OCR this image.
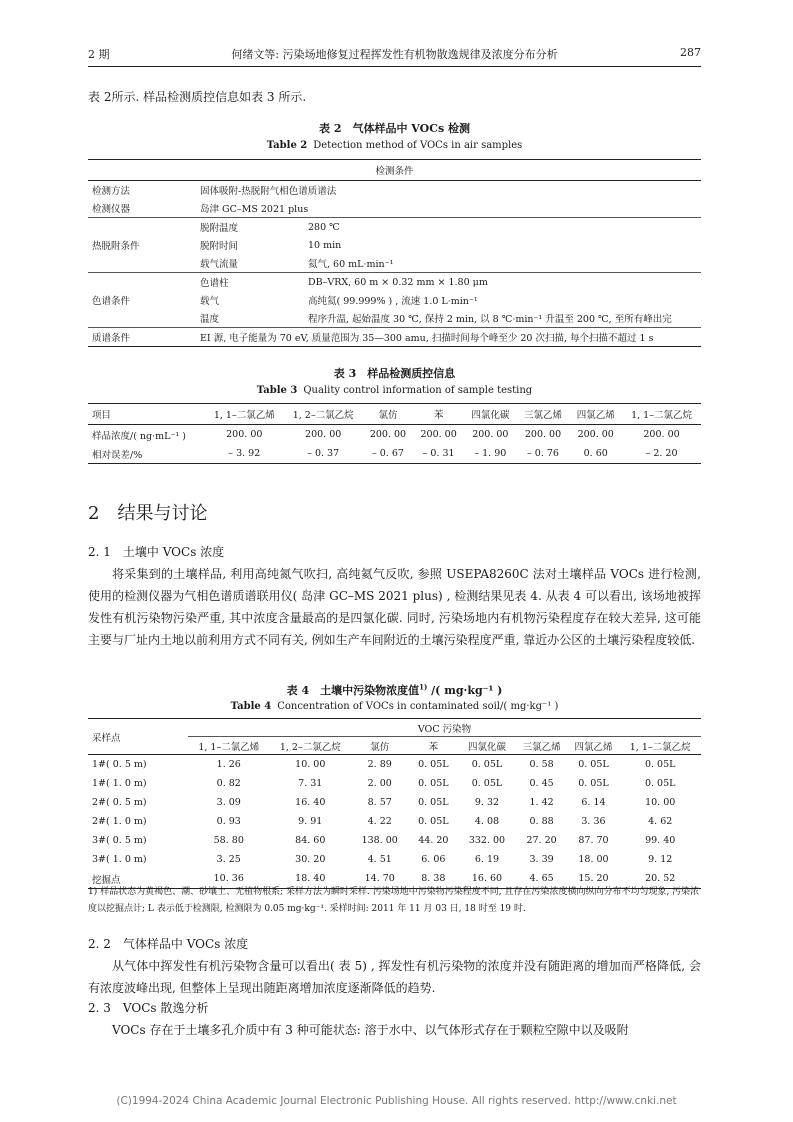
2 期	何绪文等: 污染场地修复过程挥发性有机物散逸规律及浓度分布分析	287
表 2所示. 样品检测质控信息如表 3 所示.
表 2　气体样品中 VOCs 检测
Table 2 Detection method of VOCs in air samples
检测条件		
检测方法	固体吸附-热脱附气相色谱质谱法	
检测仪器	岛津 GC–MS 2021 plus	
热脱附条件	脱附温度	280 ℃
	脱附时间	10 min
	载气流量	氦气, 60 mL·min⁻¹
色谱条件	色谱柱	DB–VRX, 60 m × 0.32 mm × 1.80 μm
	载气	高纯氦( 99.999% ) , 流速 1.0 L·min⁻¹
	温度	程序升温, 起始温度 30 ℃, 保持 2 min, 以 8 ℃·min⁻¹ 升温至 200 ℃, 至所有峰出完
质谱条件	EI 源, 电子能量为 70 eV, 质量范围为 35—300 amu, 扫描时间每个峰至少 20 次扫描, 每个扫描不超过 1 s	
表 3　样品检测质控信息
Table 3 Quality control information of sample testing
项目	1, 1–二氯乙烯	1, 2–二氯乙烷	氯仿	苯	四氯化碳	三氯乙烯	四氯乙烯	1, 1–二氯乙烷
样品浓度/( ng·mL⁻¹ )	200. 00	200. 00	200. 00	200. 00	200. 00	200. 00	200. 00	200. 00
相对误差/%	– 3. 92	– 0. 37	– 0. 67	– 0. 31	– 1. 90	– 0. 76	0. 60	– 2. 20
2　结果与讨论
2. 1　土壤中 VOCs 浓度
将采集到的土壤样品, 利用高纯氮气吹扫, 高纯氦气反吹, 参照 USEPA8260C 法对土壤样品 VOCs 进行检测, 使用的检测仪器为气相色谱质谱联用仪( 岛津 GC–MS 2021 plus) , 检测结果见表 4. 从表 4 可以看出, 该场地被挥发性有机污染物污染严重, 其中浓度含量最高的是四氯化碳. 同时, 污染场地内有机物污染程度存在较大差异, 这可能主要与厂址内土地以前利用方式不同有关, 例如生产车间附近的土壤污染程度严重, 靠近办公区的土壤污染程度较低.
表 4　土壤中污染物浓度值$^{1)}$ /( mg·kg⁻¹ )
Table 4 Concentration of VOCs in contaminated soil/( mg·kg⁻¹ )
采样点	VOC 污染物							
	1, 1–二氯乙烯	1, 2–二氯乙烷	氯仿	苯	四氯化碳	三氯乙烯	四氯乙烯	1, 1–二氯乙烷
1#( 0. 5 m)	1. 26	10. 00	2. 89	0. 05L	0. 05L	0. 58	0. 05L	0. 05L
1#( 1. 0 m)	0. 82	7. 31	2. 00	0. 05L	0. 05L	0. 45	0. 05L	0. 05L
2#( 0. 5 m)	3. 09	16. 40	8. 57	0. 05L	9. 32	1. 42	6. 14	10. 00
2#( 1. 0 m)	0. 93	9. 91	4. 22	0. 05L	4. 08	0. 88	3. 36	4. 62
3#( 0. 5 m)	58. 80	84. 60	138. 00	44. 20	332. 00	27. 20	87. 70	99. 40
3#( 1. 0 m)	3. 25	30. 20	4. 51	6. 06	6. 19	3. 39	18. 00	9. 12
挖掘点	10. 36	18. 40	14. 70	8. 38	16. 60	4. 65	15. 20	20. 52
1) 样品状态为黄褐色、潮、砂壤土、无植物根系; 采样方法为瞬时采样. 污染场地中污染物污染程度不同, 且存在污染浓度横向纵向分布不均匀现象, 污染浓度以挖掘点计; L 表示低于检测限, 检测限为 0.05 mg·kg⁻¹. 采样时间: 2011 年 11 月 03 日, 18 时至 19 时.
2. 2　气体样品中 VOCs 浓度
从气体中挥发性有机污染物含量可以看出( 表 5) , 挥发性有机污染物的浓度并没有随距离的增加而严格降低, 会有浓度波峰出现, 但整体上呈现出随距离增加浓度逐渐降低的趋势.
2. 3　VOCs 散逸分析
VOCs 存在于土壤多孔介质中有 3 种可能状态: 溶于水中、以气体形式存在于颗粒空隙中以及吸附
(C)1994-2024 China Academic Journal Electronic Publishing House. All rights reserved. http://www.cnki.net
